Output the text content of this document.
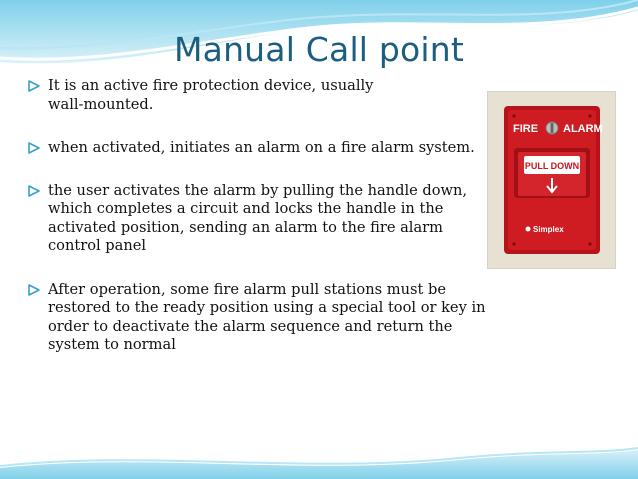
Manual Call point
It is an active fire protection device, usually
wall-mounted.
when activated, initiates an alarm on a fire alarm system.
the user activates the alarm by pulling the handle down,
which completes a circuit and locks the handle in the
activated position, sending an alarm to the fire alarm
control panel
After operation, some fire alarm pull stations must be
restored to the ready position using a special tool or key in
order to deactivate the alarm sequence and return the
system to normal
FIRE ALARM
PULL DOWN
Simplex
